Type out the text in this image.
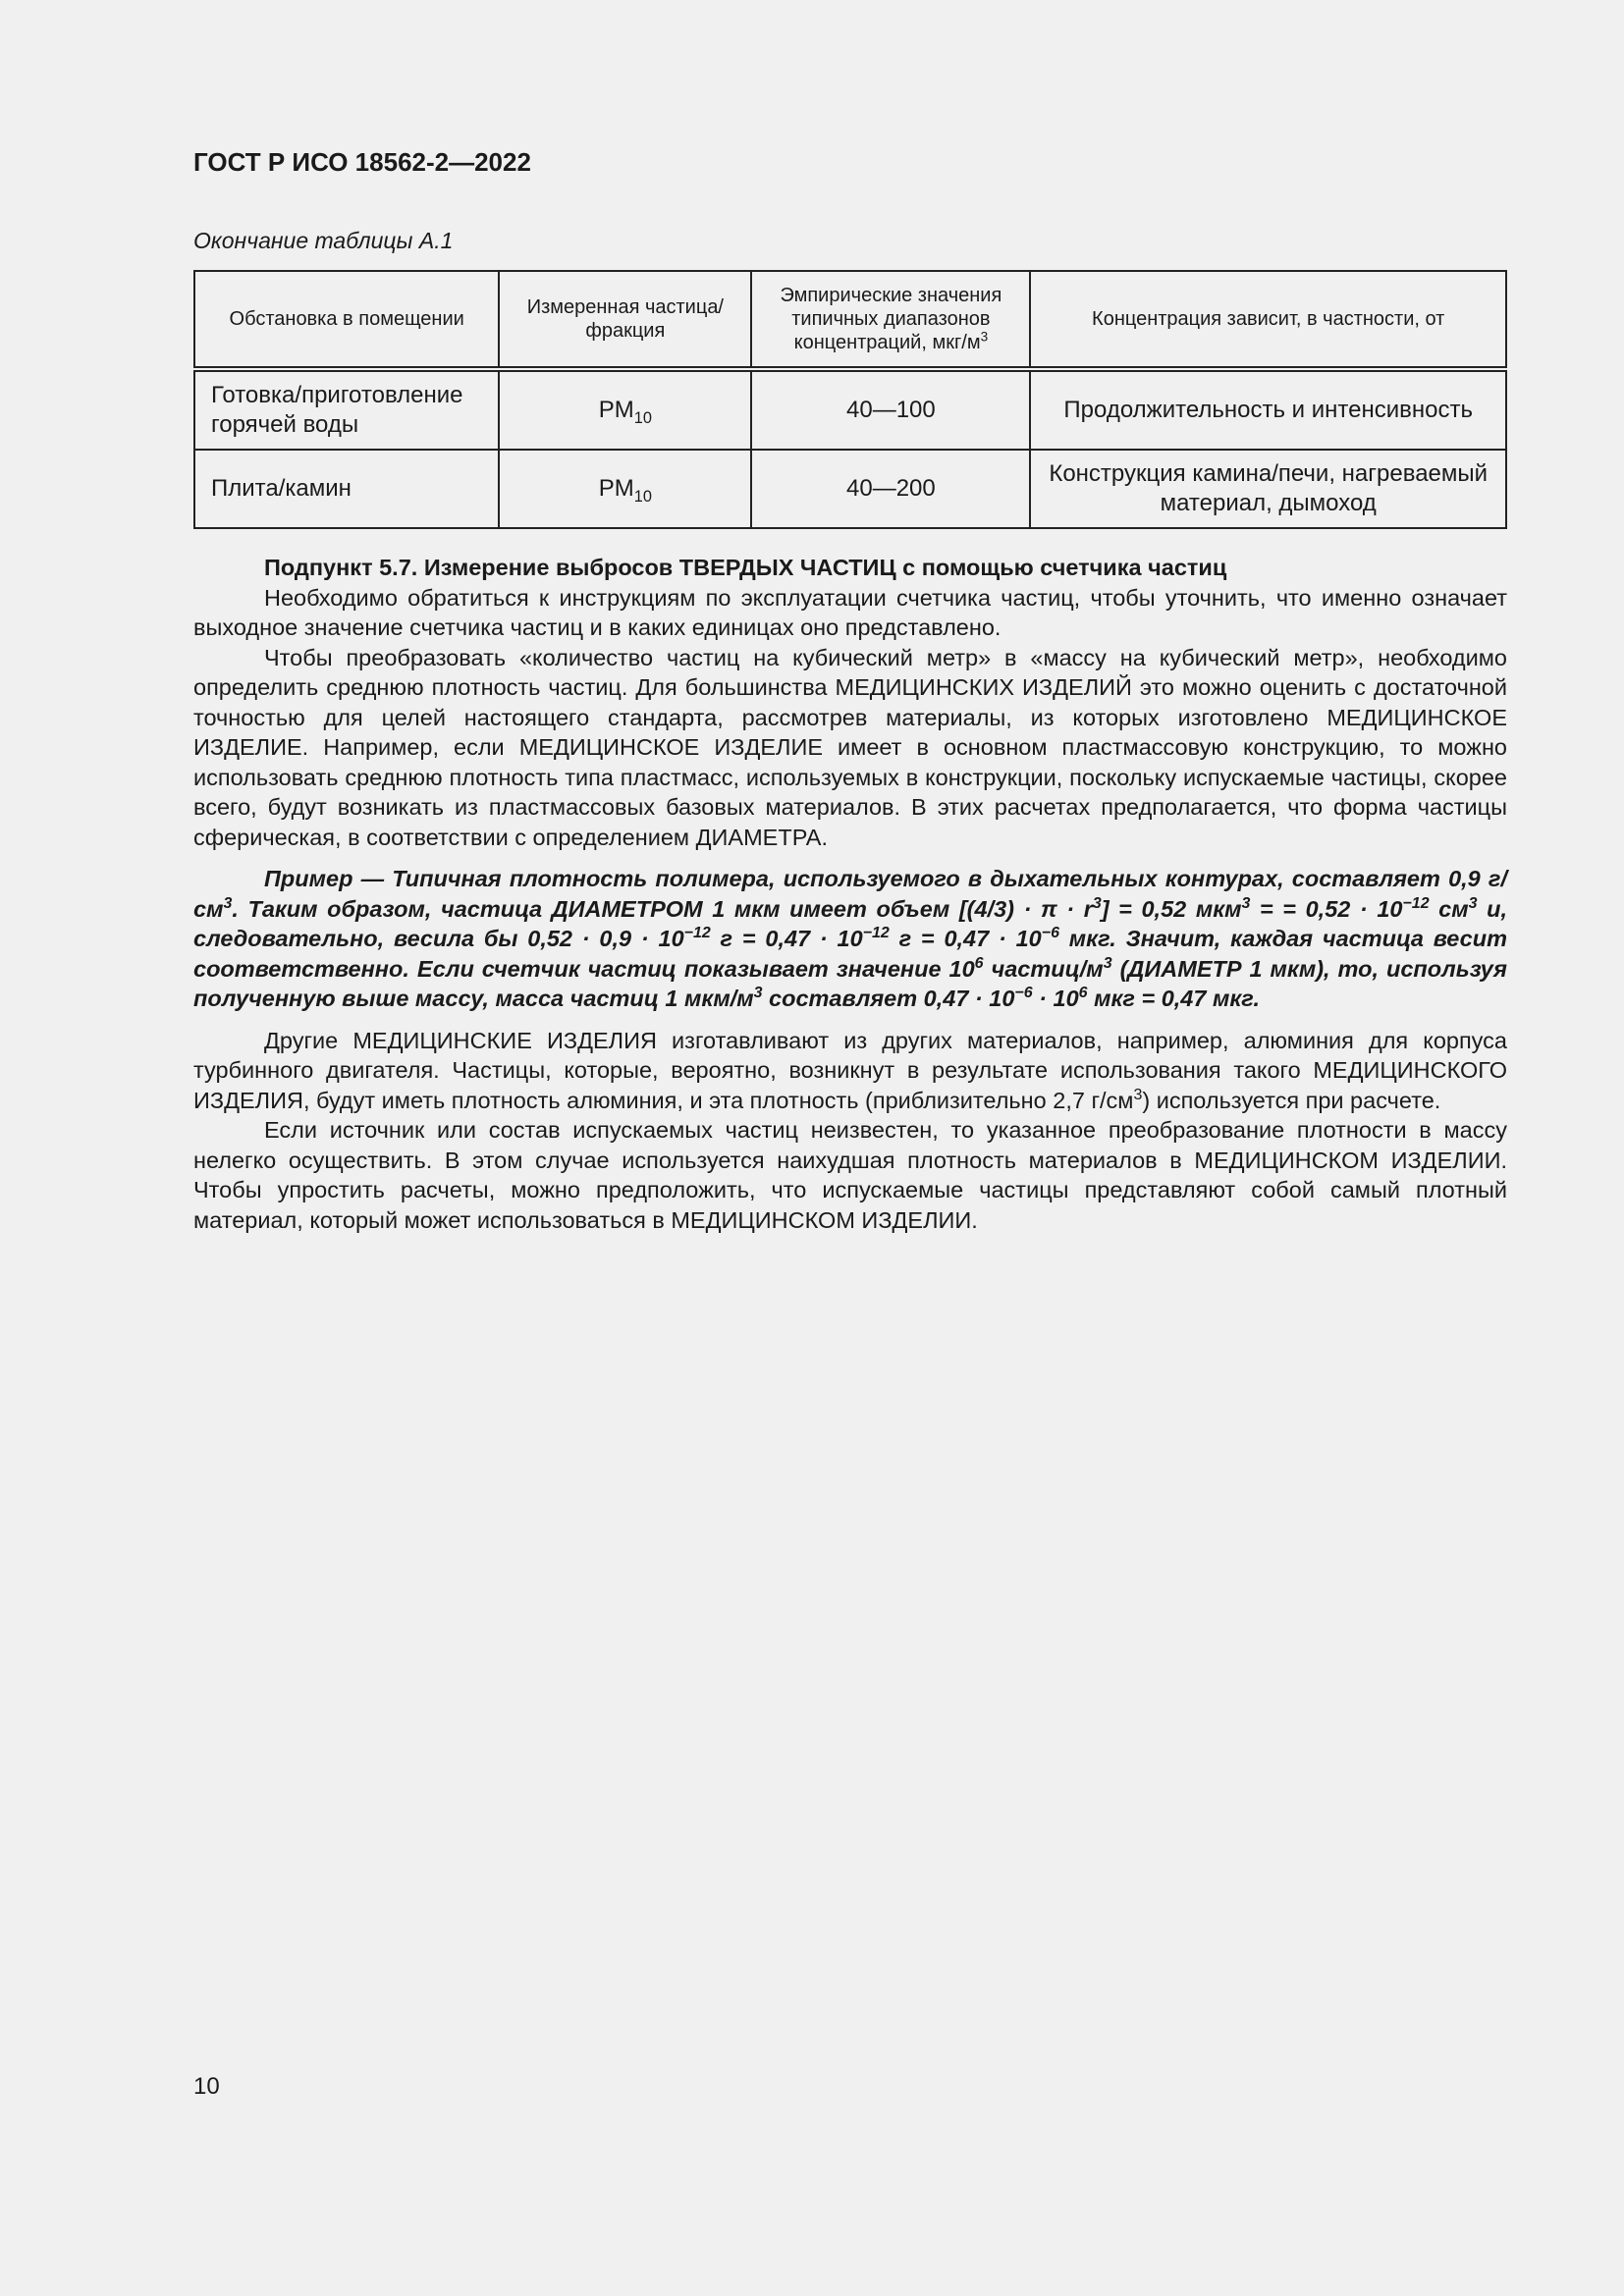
ГОСТ Р ИСО 18562-2—2022
Окончание таблицы А.1
Обстановка в помещении	Измеренная частица/ фракция	Эмпирические значения типичных диапазонов концентраций, мкг/$м^3$	Концентрация зависит, в частности, от
Готовка/приготовление горячей воды	$PM_{10}$	40—100	Продолжительность и интенсивность
Плита/камин	$PM_{10}$	40—200	Конструкция камина/печи, нагреваемый материал, дымоход

Подпункт 5.7. Измерение выбросов ТВЕРДЫХ ЧАСТИЦ с помощью счетчика частиц

Необходимо обратиться к инструкциям по эксплуатации счетчика частиц, чтобы уточнить, что именно означает выходное значение счетчика частиц и в каких единицах оно представлено.

Чтобы преобразовать «количество частиц на кубический метр» в «массу на кубический метр», необходимо определить среднюю плотность частиц. Для большинства МЕДИЦИНСКИХ ИЗДЕЛИЙ это можно оценить с достаточной точностью для целей настоящего стандарта, рассмотрев материалы, из которых изготовлено МЕДИЦИНСКОЕ ИЗДЕЛИЕ. Например, если МЕДИЦИНСКОЕ ИЗДЕЛИЕ имеет в основном пластмассовую конструкцию, то можно использовать среднюю плотность типа пластмасс, используемых в конструкции, поскольку испускаемые частицы, скорее всего, будут возникать из пластмассовых базовых материалов. В этих расчетах предполагается, что форма частицы сферическая, в соответствии с определением ДИАМЕТРА.

Пример — Типичная плотность полимера, используемого в дыхательных контурах, составляет 0,9 $г/см^3$. Таким образом, частица ДИАМЕТРОМ 1 мкм имеет объем $[(4/3) \cdot \pi \cdot r^3] = 0,52$ мкм$^3$ = = $0,52 \cdot 10^{-12}$ $см^3$ и, следовательно, весила бы $0,52 \cdot 0,9 \cdot 10^{-12}$ $г = 0,47 \cdot 10^{-12}$ $г = 0,47 \cdot 10^{-6}$ мкг. Значит, каждая частица весит соответственно. Если счетчик частиц показывает значение $10^6$ частиц/$м^3$ (ДИАМЕТР 1 мкм), то, используя полученную выше массу, масса частиц 1 мкм/$м^3$ составляет $0,47 \cdot 10^{-6} \cdot 10^6$ мкг = 0,47 мкг.

Другие МЕДИЦИНСКИЕ ИЗДЕЛИЯ изготавливают из других материалов, например, алюминия для корпуса турбинного двигателя. Частицы, которые, вероятно, возникнут в результате использования такого МЕДИЦИНСКОГО ИЗДЕЛИЯ, будут иметь плотность алюминия, и эта плотность (приблизительно 2,7 $г/см^3$) используется при расчете.

Если источник или состав испускаемых частиц неизвестен, то указанное преобразование плотности в массу нелегко осуществить. В этом случае используется наихудшая плотность материалов в МЕДИЦИНСКОМ ИЗДЕЛИИ. Чтобы упростить расчеты, можно предположить, что испускаемые частицы представляют собой самый плотный материал, который может использоваться в МЕДИЦИНСКОМ ИЗДЕЛИИ.

10
